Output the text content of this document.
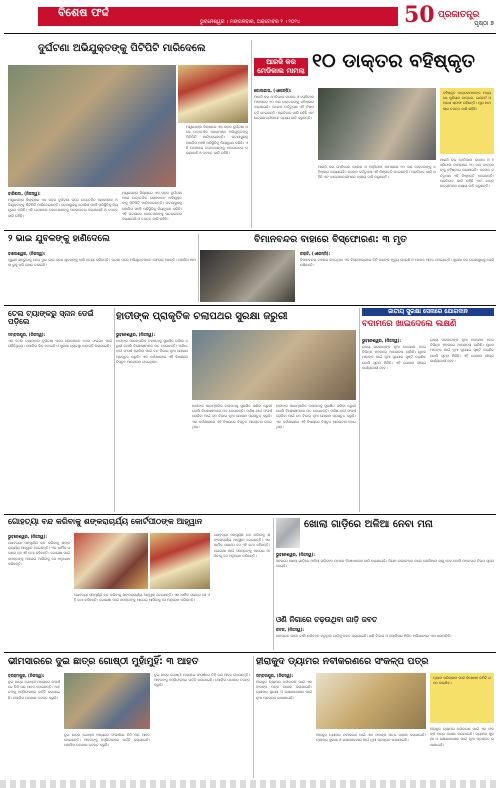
ବିଶେଷ ଫର୍ଦ୍ଦ
ଭୁବନେଶ୍ୱର । ମଙ୍ଗଳବାର, ଅକ୍ଟୋବର ୨ । ୨୦୨୪	50 ପ୍ରଜାତନ୍ତ୍ର
ପୃଷ୍ଠା ୭
ଦୁର୍ଘଟଣା ଅଭିଯୁକ୍ତଙ୍କୁ ପିଟିପିଟି ମାରିଦେଲେ
ବାରିପଦା, (ନିଜସ୍ୱ):
ମୟୂରଭଞ୍ଜ ଜିଲ୍ଲାରେ ଏକ ସଡ଼କ ଦୁର୍ଘଟଣା ପରେ ଉତ୍ତେଜିତ ଲୋକମାନେ ଅଭିଯୁକ୍ତଙ୍କୁ ପିଟିପିଟି ମାରିଦେଇଛନ୍ତି। ଘଟଣାସ୍ଥଳକୁ ପୋଲିସ ପହଞ୍ଚି ପରିସ୍ଥିତିକୁ ନିୟନ୍ତ୍ରଣ କରିଛି। ଏହି ଘଟଣାରେ କେତେଜଣଙ୍କୁ ପଚରାଉଚରା କରାଯାଉଛି ଓ ତଦନ୍ତ ଜାରି ରହିଛି।
ମୟୂରଭଞ୍ଜ ଜିଲ୍ଲାରେ ଏକ ସଡ଼କ ଦୁର୍ଘଟଣା ପରେ ଉତ୍ତେଜିତ ଲୋକମାନେ ଅଭିଯୁକ୍ତଙ୍କୁ ପିଟିପିଟି ମାରିଦେଇଛନ୍ତି। ଘଟଣାସ୍ଥଳକୁ ପୋଲିସ ପହଞ୍ଚି ପରିସ୍ଥିତିକୁ ନିୟନ୍ତ୍ରଣ କରିଛି। ଏହି ଘଟଣାରେ କେତେଜଣଙ୍କୁ ପଚରାଉଚରା କରାଯାଉଛି ଓ ତଦନ୍ତ ଜାରି ରହିଛି।
ମୟୂରଭଞ୍ଜ ଜିଲ୍ଲାରେ ଏକ ସଡ଼କ ଦୁର୍ଘଟଣା ପରେ ଉତ୍ତେଜିତ ଲୋକମାନେ ଅଭିଯୁକ୍ତଙ୍କୁ ପିଟିପିଟି ମାରିଦେଇଛନ୍ତି। ଘଟଣାସ୍ଥଳକୁ ପୋଲିସ ପହଞ୍ଚି ପରିସ୍ଥିତିକୁ ନିୟନ୍ତ୍ରଣ କରିଛି। ଏହି ଘଟଣାରେ କେତେଜଣଙ୍କୁ ପଚରାଉଚରା କରାଯାଉଛି ଓ ତଦନ୍ତ ଜାରି ରହିଛି।
ଆରଜି କର
ମେଡିକାଲ ମାମଲା ୧୦ ଡାକ୍ତର ବହିଷ୍କୃତ
କୋଲକାତା, (ଏଜେନ୍ସି):
ଆରଜି କର ମେଡିକାଲ କଲେଜ ଓ ହସ୍ପିଟାଲ ମାମଲାରେ ୧୦ ଜଣ ଡାକ୍ତରଙ୍କୁ ବହିଷ୍କାର କରାଯାଇଛି। କଲେଜ କର୍ତ୍ତୃପକ୍ଷ ଏହି ନିଷ୍ପତ୍ତି ନେଇଛନ୍ତି। ପ୍ରତିବାଦ ଜାରି ରହିଛି ଏବଂ ଛାତ୍ରଛାତ୍ରୀମାନେ ନ୍ୟାୟ ଦାବି କରୁଛନ୍ତି।
ଆରଜି କର ମେଡିକାଲ କଲେଜ ଓ ହସ୍ପିଟାଲ ମାମଲାରେ ୧୦ ଜଣ ଡାକ୍ତରଙ୍କୁ ବହିଷ୍କାର କରାଯାଇଛି। କଲେଜ କର୍ତ୍ତୃପକ୍ଷ ଏହି ନିଷ୍ପତ୍ତି ନେଇଛନ୍ତି। ପ୍ରତିବାଦ ଜାରି ରହିଛି ଏବଂ ଛାତ୍ରଛାତ୍ରୀମାନେ ନ୍ୟାୟ ଦାବି କରୁଛନ୍ତି।
ବହିଷ୍କୃତ ଡାକ୍ତରମାନଙ୍କ ମଧ୍ୟରେ ଜୁନିୟର ଡାକ୍ତର, ଇଣ୍ଟର୍ନ ଓ ହାଉସ ଷ୍ଟାଫ ରହିଛନ୍ତି। ପୂରା ମାମଲାର ତଦନ୍ତ ଜାରି ରହିଛି।
ଆରଜି କର ମେଡିକାଲ କଲେଜ ଓ ହସ୍ପିଟାଲ ମାମଲାରେ ୧୦ ଜଣ ଡାକ୍ତରଙ୍କୁ ବହିଷ୍କାର କରାଯାଇଛି। କଲେଜ କର୍ତ୍ତୃପକ୍ଷ ଏହି ନିଷ୍ପତ୍ତି ନେଇଛନ୍ତି। ପ୍ରତିବାଦ ଜାରି ରହିଛି ଏବଂ ଛାତ୍ରଛାତ୍ରୀମାନେ ନ୍ୟାୟ ଦାବି କରୁଛନ୍ତି।
୨ ଭାଇ ଯୁବକଙ୍କୁ ହାଣିଦେଲେ
ବାଲେଶ୍ୱର, (ନିଜସ୍ୱ):
ପୁରୁଣା ଶତ୍ରୁତାକୁ ନେଇ ଦୁଇ ଭାଇ ଜଣେ ଯୁବକଙ୍କୁ ହାଣି ହତ୍ୟା କରିଛନ୍ତି। ଘଟଣା ପରେ ଅଭିଯୁକ୍ତମାନେ ଫେରାର ଅଛନ୍ତି। ପୋଲିସ ମାମଲା ରୁଜୁ କରି ଖୋଜ ଚଳାଇଛି।
ବିମାନବନ୍ଦର ବାହାରେ ବିସ୍ଫୋରଣ: ୩ ମୃତ
କରାଚି, (ଏଜେନ୍ସି):
ବିମାନବନ୍ଦର ବାହାରେ ହୋଇଥିବା ଏକ ବିସ୍ଫୋରଣରେ ତିନି ଜଣଙ୍କ ମୃତ୍ୟୁ ହୋଇଛି ଓ ଅନେକ ଆହତ ହୋଇଛନ୍ତି। ସୁରକ୍ଷା ବଳ ଘଟଣାସ୍ଥଳକୁ ଘେରି ରଖିଛନ୍ତି।
ତେଲ ଟ୍ୟାଙ୍କରୁ ସ୍ନାନ ଡେଇଁ ପଡ଼ିଲେ
ସମ୍ବଲପୁର, (ନିଜସ୍ୱ):
ଏକ ତେଲ ଟ୍ୟାଙ୍କର ଦୁର୍ଘଟଣା ପରେ ଲୋକମାନେ ତେଲ ସଂଗ୍ରହ ପାଇଁ ଦୌଡ଼ିଥିଲେ। ପୋଲିସ ଭିଡ଼ ହଟାଇଛି ଓ ସୁରକ୍ଷା ବ୍ୟବସ୍ଥା କଡ଼ାକଡ଼ି କରାଯାଇଛି।
ହାତୀଙ୍କ ପ୍ରାକୃତିକ ଚଲାପଥର ସୁରକ୍ଷା ଜରୁରୀ
ଭୁବନେଶ୍ୱର, (ନିଜସ୍ୱ):
ହାତୀଙ୍କ ପାରମ୍ପରିକ ଚଲାପଥକୁ ସୁରକ୍ଷିତ ରଖିବା ଜରୁରୀ ବୋଲି ବିଶେଷଜ୍ଞମାନେ ମତ ଦେଇଛନ୍ତି। ମଣିଷ-ହାତୀ ସଂଘର୍ଷ ରୋକିବା ପାଇଁ ବନ ବିଭାଗ ନୂଆ ଯୋଜନା ପ୍ରସ୍ତୁତ କରୁଛି। ଏକ କର୍ମଶାଳାରେ ଏହି ବିଷୟରେ ବିସ୍ତୃତ ଆଲୋଚନା ହୋଇଥିଲା।
ହାତୀଙ୍କ ପାରମ୍ପରିକ ଚଲାପଥକୁ ସୁରକ୍ଷିତ ରଖିବା ଜରୁରୀ ବୋଲି ବିଶେଷଜ୍ଞମାନେ ମତ ଦେଇଛନ୍ତି। ମଣିଷ-ହାତୀ ସଂଘର୍ଷ ରୋକିବା ପାଇଁ ବନ ବିଭାଗ ନୂଆ ଯୋଜନା ପ୍ରସ୍ତୁତ କରୁଛି। ଏକ କର୍ମଶାଳାରେ ଏହି ବିଷୟରେ ବିସ୍ତୃତ ଆଲୋଚନା ହୋଇଥିଲା।
ହାତୀଙ୍କ ପାରମ୍ପରିକ ଚଲାପଥକୁ ସୁରକ୍ଷିତ ରଖିବା ଜରୁରୀ ବୋଲି ବିଶେଷଜ୍ଞମାନେ ମତ ଦେଇଛନ୍ତି। ମଣିଷ-ହାତୀ ସଂଘର୍ଷ ରୋକିବା ପାଇଁ ବନ ବିଭାଗ ନୂଆ ଯୋଜନା ପ୍ରସ୍ତୁତ କରୁଛି। ଏକ କର୍ମଶାଳାରେ ଏହି ବିଷୟରେ ବିସ୍ତୃତ ଆଲୋଚନା ହୋଇଥିଲା।
ଜାତୀୟ ସୁରକ୍ଷା ସେନାରେ ଯୋଗଦାନ
ବଦାମରେ ଖାଇଦେଲେ ଲକ୍ଷଣି
ଭୁବନେଶ୍ୱର, (ନିଜସ୍ୱ):
ରାଜ୍ୟ ସରକାରଙ୍କ ନୂଆ ପଦକ୍ଷେପ ନେଇ ବିଭିନ୍ନ ମହଲରେ ଆଲୋଚନା ଚାଲିଛି। ଯୁବକମାନଙ୍କ ପାଇଁ ନୂଆ ସୁଯୋଗ ସୃଷ୍ଟି କରାଯିବ ବୋଲି ସୂଚନା ମିଳିଛି। ଏହି ଯୋଜନା ଶୀଘ୍ର କାର୍ଯ୍ୟକାରୀ ହେବ।
ରାଜ୍ୟ ସରକାରଙ୍କ ନୂଆ ପଦକ୍ଷେପ ନେଇ ବିଭିନ୍ନ ମହଲରେ ଆଲୋଚନା ଚାଲିଛି। ଯୁବକମାନଙ୍କ ପାଇଁ ନୂଆ ସୁଯୋଗ ସୃଷ୍ଟି କରାଯିବ ବୋଲି ସୂଚନା ମିଳିଛି। ଏହି ଯୋଜନା ଶୀଘ୍ର କାର୍ଯ୍ୟକାରୀ ହେବ।
ଗୋହତ୍ୟା ବନ୍ଦ କରିବାକୁ ଶଙ୍କରାଚାର୍ଯ୍ୟ କୋର୍ଟପୀଠଙ୍କ ଆହ୍ୱାନ
ଭୁବନେଶ୍ୱର, (ନିଜସ୍ୱ):
ଗୋହତ୍ୟା ସମ୍ପୂର୍ଣ୍ଣ ବନ୍ଦ କରିବାକୁ ଶଙ୍କରାଚାର୍ଯ୍ୟ ଆହ୍ୱାନ ଦେଇଛନ୍ତି। ଏକ ଧାର୍ମିକ ସଭାରେ ସେ ଏହି କଥା କହିଛନ୍ତି। ଗୋରକ୍ଷା ପାଇଁ ସମସ୍ତଙ୍କୁ ଆଗେଇ ଆସିବାକୁ ସେ ଅନୁରୋଧ କରିଛନ୍ତି।
ଗୋହତ୍ୟା ସମ୍ପୂର୍ଣ୍ଣ ବନ୍ଦ କରିବାକୁ ଶଙ୍କରାଚାର୍ଯ୍ୟ ଆହ୍ୱାନ ଦେଇଛନ୍ତି। ଏକ ଧାର୍ମିକ ସଭାରେ ସେ ଏହି କଥା କହିଛନ୍ତି। ଗୋରକ୍ଷା ପାଇଁ ସମସ୍ତଙ୍କୁ ଆଗେଇ ଆସିବାକୁ ସେ ଅନୁରୋଧ କରିଛନ୍ତି।
ଗୋହତ୍ୟା ସମ୍ପୂର୍ଣ୍ଣ ବନ୍ଦ କରିବାକୁ ଶଙ୍କରାଚାର୍ଯ୍ୟ ଆହ୍ୱାନ ଦେଇଛନ୍ତି। ଏକ ଧାର୍ମିକ ସଭାରେ ସେ ଏହି କଥା କହିଛନ୍ତି। ଗୋରକ୍ଷା ପାଇଁ ସମସ୍ତଙ୍କୁ ଆଗେଇ ଆସିବାକୁ ସେ ଅନୁରୋଧ କରିଛନ୍ତି।
ଖୋଲା ଗାଡ଼ିରେ ଅଳିଆ ନେବା ମନା
ଭୁବନେଶ୍ୱର, (ନିଜସ୍ୱ):
ସହରରେ ଖୋଲା ଗାଡ଼ିରେ ଅଳିଆ ପରିବହନ ଉପରେ ନିଷେଧାଦେଶ ଜାରି କରାଯାଇଛି। ନିୟମ ଉଲ୍ଲଂଘନ କଲେ ଜୋରିମାନା ଲାଗୁ ହେବ ବୋଲି ମହାନଗର ନିଗମ ସୂଚନା ଦେଇଛି।
ଓଣି ନିଗାରେ ଚଢ଼ଉଥିବା ଗାଡ଼ି ଜବତ
କଟକ, (ନିଜସ୍ୱ):
ବେଆଇନ ଭାବେ ବାଲି ପରିବହନ କରୁଥିବା ଗାଡ଼ିକୁ ଜବତ କରାଯାଇଛି। ଖଣି ବିଭାଗ ଓ ପୋଲିସର ମିଳିତ ଅଭିଯାନରେ ଏହା ଧରାପଡ଼ିଛି।
ଭୀମସାରରେ ଦୁଇ ଛାତ୍ର ଗୋଷ୍ଠୀ ମୁହାଁମୁହିଁ: ୩ ଆହତ
ବ୍ରହ୍ମପୁର, (ନିଜସ୍ୱ):
ଦୁଇ ଛାତ୍ର ଗୋଷ୍ଠୀ ମଧ୍ୟରେ ସଂଘର୍ଷରେ ତିନି ଜଣ ଆହତ ହୋଇଛନ୍ତି। ଆହତଙ୍କୁ ହସ୍ପିଟାଲରେ ଭର୍ତ୍ତି କରାଯାଇଛି। ପୋଲିସ ଘଟଣାର ତଦନ୍ତ କରୁଛି।
ଦୁଇ ଛାତ୍ର ଗୋଷ୍ଠୀ ମଧ୍ୟରେ ସଂଘର୍ଷରେ ତିନି ଜଣ ଆହତ ହୋଇଛନ୍ତି। ଆହତଙ୍କୁ ହସ୍ପିଟାଲରେ ଭର୍ତ୍ତି କରାଯାଇଛି। ପୋଲିସ ଘଟଣାର ତଦନ୍ତ କରୁଛି।
ଦୁଇ ଛାତ୍ର ଗୋଷ୍ଠୀ ମଧ୍ୟରେ ସଂଘର୍ଷରେ ତିନି ଜଣ ଆହତ ହୋଇଛନ୍ତି। ଆହତଙ୍କୁ ହସ୍ପିଟାଲରେ ଭର୍ତ୍ତି କରାଯାଇଛି। ପୋଲିସ ଘଟଣାର ତଦନ୍ତ କରୁଛି।
ହୀରାକୁଦ ଡ୍ୟାମର ନବୀକରଣରେ ସଂକଳ୍ପ ପତ୍ର
ସମ୍ବଲପୁର, (ନିଜସ୍ୱ):
ହୀରାକୁଦ ଡ୍ୟାମର ନବୀକରଣ ପାଇଁ ଏକ ସଂକଳ୍ପ ପତ୍ର ଦାଖଲ କରାଯାଇଛି। ଡ୍ୟାମର ସୁରକ୍ଷା ଓ ରକ୍ଷଣାବେକ୍ଷଣ ପାଇଁ ନୂଆ ପ୍ରସ୍ତାବ ରଖାଯାଇଛି।
ହୀରାକୁଦ ଡ୍ୟାମର ନବୀକରଣ ପାଇଁ ଏକ ସଂକଳ୍ପ ପତ୍ର ଦାଖଲ କରାଯାଇଛି। ଡ୍ୟାମର ସୁରକ୍ଷା ଓ ରକ୍ଷଣାବେକ୍ଷଣ ପାଇଁ ନୂଆ ପ୍ରସ୍ତାବ ରଖାଯାଇଛି।
ଡ୍ୟାମ ପରିଚାଳନା ପାଇଁ ବିଶେଷଜ୍ଞ କମିଟି ଗଠନ କରାଯିବ।
ହୀରାକୁଦ ଡ୍ୟାମର ନବୀକରଣ ପାଇଁ ଏକ ସଂକଳ୍ପ ପତ୍ର ଦାଖଲ କରାଯାଇଛି। ଡ୍ୟାମର ସୁରକ୍ଷା ଓ ରକ୍ଷଣାବେକ୍ଷଣ ପାଇଁ ନୂଆ ପ୍ରସ୍ତାବ ରଖାଯାଇଛି।
